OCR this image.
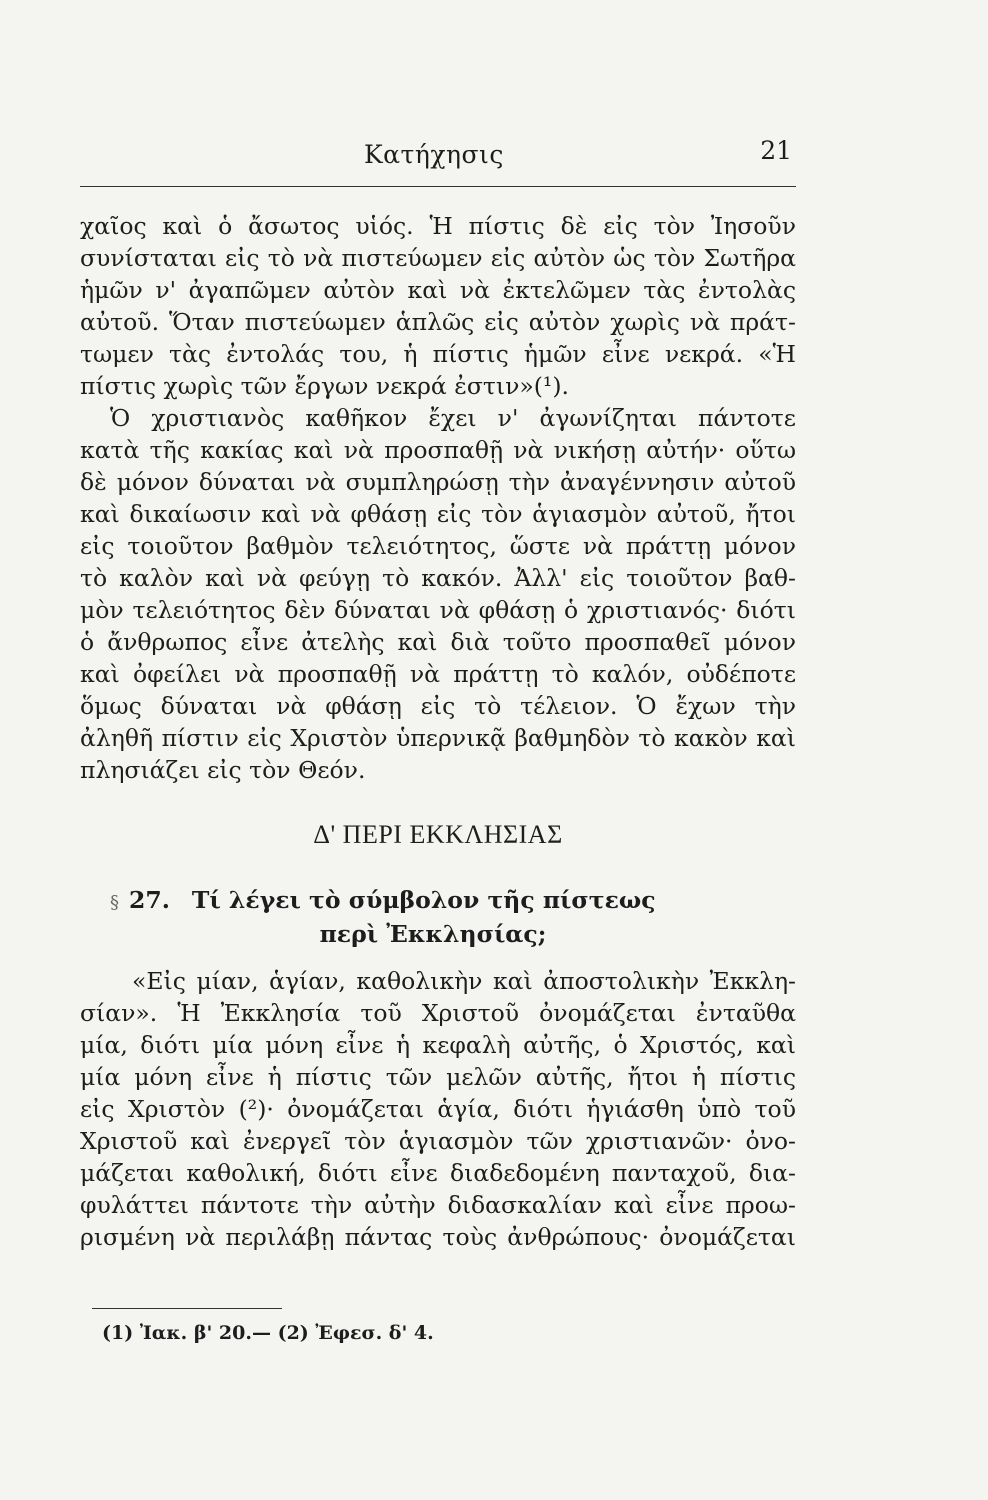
Κατήχησις	21
χαῖος καὶ ὁ ἄσωτος υἱός. Ἡ πίστις δὲ εἰς τὸν Ἰησοῦν
συνίσταται εἰς τὸ νὰ πιστεύωμεν εἰς αὐτὸν ὡς τὸν Σωτῆρα
ἡμῶν ν' ἀγαπῶμεν αὐτὸν καὶ νὰ ἐκτελῶμεν τὰς ἐντολὰς
αὐτοῦ. Ὅταν πιστεύωμεν ἁπλῶς εἰς αὐτὸν χωρὶς νὰ πράτ-
τωμεν τὰς ἐντολάς του, ἡ πίστις ἡμῶν εἶνε νεκρά. «Ἡ
πίστις χωρὶς τῶν ἔργων νεκρά ἐστιν»(¹).
Ὁ χριστιανὸς καθῆκον ἔχει ν' ἀγωνίζηται πάντοτε
κατὰ τῆς κακίας καὶ νὰ προσπαθῇ νὰ νικήσῃ αὐτήν· οὕτω
δὲ μόνον δύναται νὰ συμπληρώσῃ τὴν ἀναγέννησιν αὐτοῦ
καὶ δικαίωσιν καὶ νὰ φθάσῃ εἰς τὸν ἁγιασμὸν αὐτοῦ, ἤτοι
εἰς τοιοῦτον βαθμὸν τελειότητος, ὥστε νὰ πράττῃ μόνον
τὸ καλὸν καὶ νὰ φεύγῃ τὸ κακόν. Ἀλλ' εἰς τοιοῦτον βαθ-
μὸν τελειότητος δὲν δύναται νὰ φθάσῃ ὁ χριστιανός· διότι
ὁ ἄνθρωπος εἶνε ἀτελὴς καὶ διὰ τοῦτο προσπαθεῖ μόνον
καὶ ὀφείλει νὰ προσπαθῇ νὰ πράττῃ τὸ καλόν, οὐδέποτε
ὅμως δύναται νὰ φθάσῃ εἰς τὸ τέλειον. Ὁ ἔχων τὴν
ἀληθῆ πίστιν εἰς Χριστὸν ὑπερνικᾷ βαθμηδὸν τὸ κακὸν καὶ
πλησιάζει εἰς τὸν Θεόν.
Δ' ΠΕΡΙ ΕΚΚΛΗΣΙΑΣ
§ 27. Τί λέγει τὸ σύμβολον τῆς πίστεως
περὶ Ἐκκλησίας;
«Εἰς μίαν, ἁγίαν, καθολικὴν καὶ ἀποστολικὴν Ἐκκλη-
σίαν». Ἡ Ἐκκλησία τοῦ Χριστοῦ ὀνομάζεται ἐνταῦθα
μία, διότι μία μόνη εἶνε ἡ κεφαλὴ αὐτῆς, ὁ Χριστός, καὶ
μία μόνη εἶνε ἡ πίστις τῶν μελῶν αὐτῆς, ἤτοι ἡ πίστις
εἰς Χριστὸν (²)· ὀνομάζεται ἁγία, διότι ἡγιάσθη ὑπὸ τοῦ
Χριστοῦ καὶ ἐνεργεῖ τὸν ἁγιασμὸν τῶν χριστιανῶν· ὀνο-
μάζεται καθολική, διότι εἶνε διαδεδομένη πανταχοῦ, δια-
φυλάττει πάντοτε τὴν αὐτὴν διδασκαλίαν καὶ εἶνε προω-
ρισμένη νὰ περιλάβῃ πάντας τοὺς ἀνθρώπους· ὀνομάζεται
(1) Ἰακ. β' 20.— (2) Ἐφεσ. δ' 4.
